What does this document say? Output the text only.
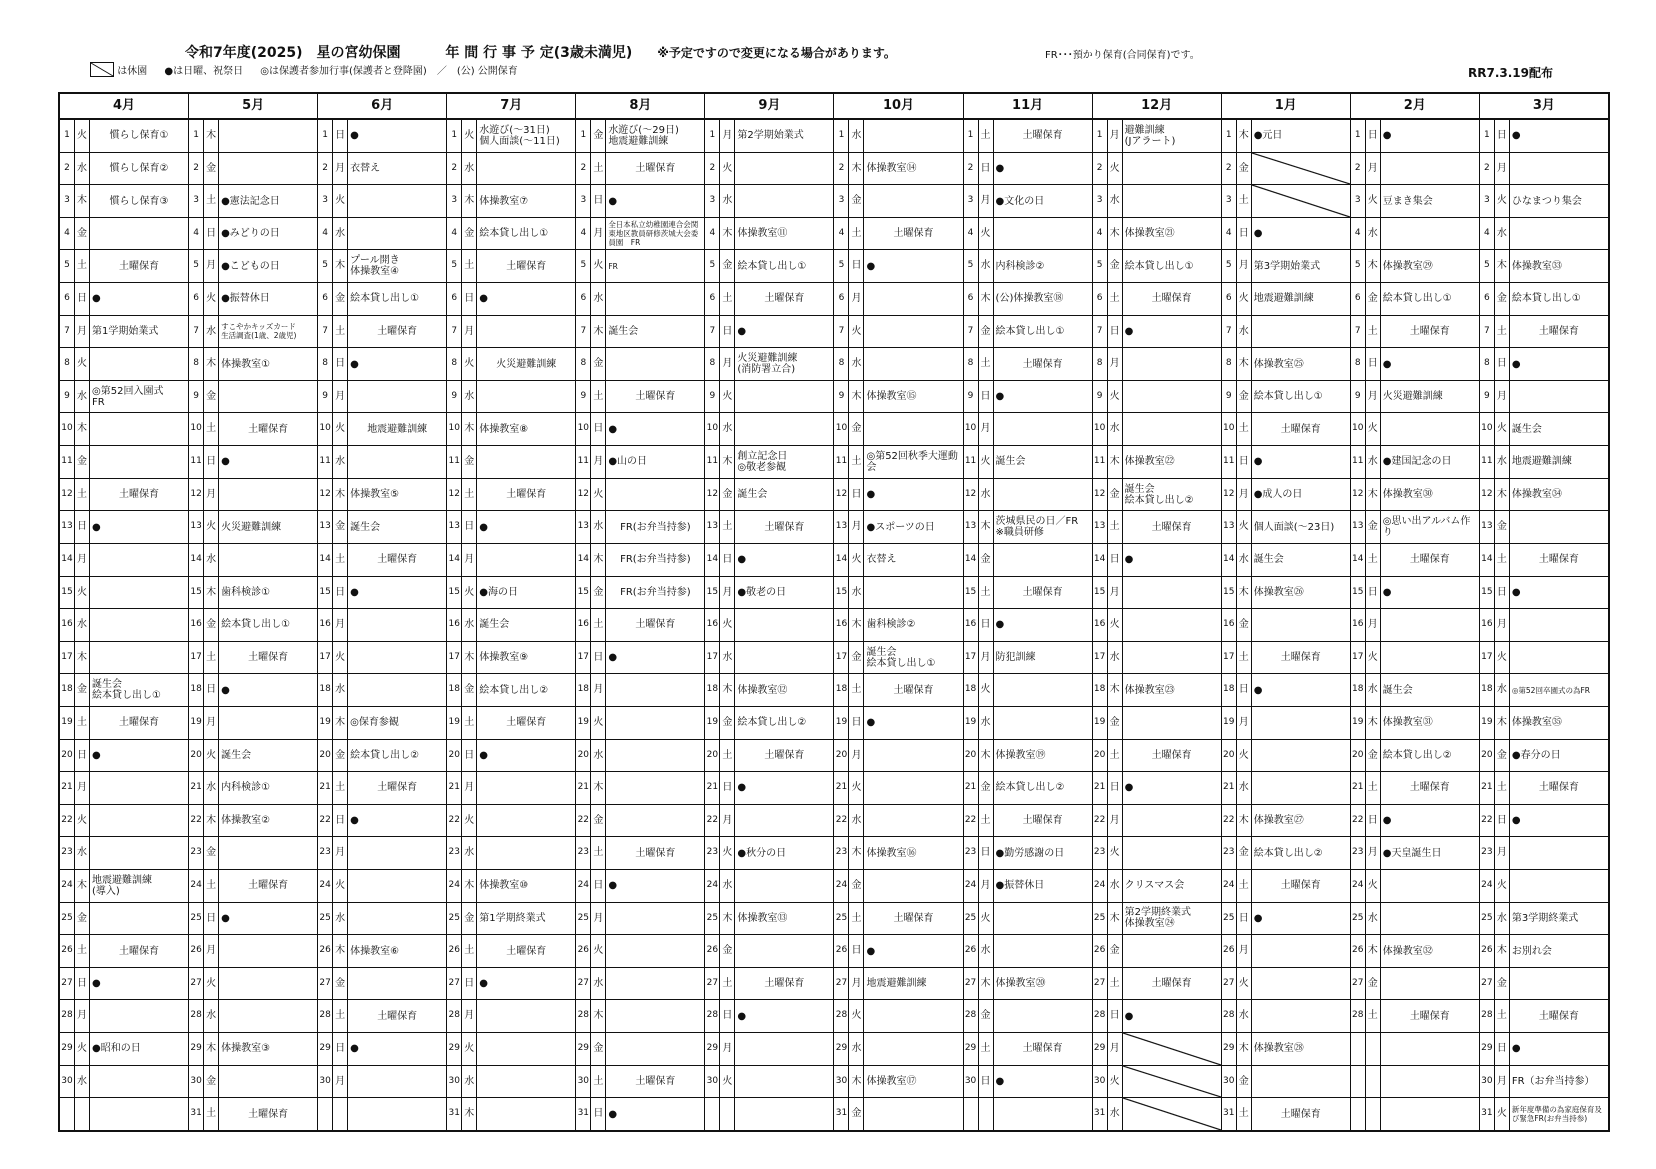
令和7年度(2025)　星の宮幼保園	年 間 行 事 予 定(3歳未満児) ※予定ですので変更になる場合があります。	FR･･･預かり保育(合同保育)です。
は休園 ●は日曜、祝祭日 ◎は保護者参加行事(保護者と登降園)　／　(公) 公開保育	RR7.3.19配布
4月
1 火	慣らし保育①
2 水	慣らし保育②
3 木	慣らし保育③
4 金
5 土	土曜保育
6 日 ●
7 月 第1学期始業式
8 火
9 水 ◎第52回入園式
FR
10 木
11 金
12 土	土曜保育
13 日 ●
14 月
15 火
16 水
17 木
18 金 誕生会
絵本貸し出し①
19 土	土曜保育
20 日 ●
21 月
22 火
23 水
24 木 地震避難訓練
(導入)
25 金
26 土	土曜保育
27 日 ●
28 月
29 火 ●昭和の日
30 水
5月
1 木
2 金
3 土 ●憲法記念日
4 日 ●みどりの日
5 月 ●こどもの日
6 火 ●振替休日
7 水 すこやかキッズカード
生活調査(1歳、2歳児)
8 木 体操教室①
9 金
10 土	土曜保育
11 日 ●
12 月
13 火 火災避難訓練
14 水
15 木 歯科検診①
16 金 絵本貸し出し①
17 土	土曜保育
18 日 ●
19 月
20 火 誕生会
21 水 内科検診①
22 木 体操教室②
23 金
24 土	土曜保育
25 日 ●
26 月
27 火
28 水
29 木 体操教室③
30 金
31 土	土曜保育
6月
1 日 ●
2 月 衣替え
3 火
4 水
5 木 プール開き
体操教室④
6 金 絵本貸し出し①
7 土	土曜保育
8 日 ●
9 月
10 火	地震避難訓練
11 水
12 木 体操教室⑤
13 金 誕生会
14 土	土曜保育
15 日 ●
16 月
17 火
18 水
19 木 ◎保育参観
20 金 絵本貸し出し②
21 土	土曜保育
22 日 ●
23 月
24 火
25 水
26 木 体操教室⑥
27 金
28 土	土曜保育
29 日 ●
30 月
7月
1 火 水遊び(～31日)
個人面談(～11日)
2 水
3 木 体操教室⑦
4 金 絵本貸し出し①
5 土	土曜保育
6 日 ●
7 月
8 火	火災避難訓練
9 水
10 木 体操教室⑧
11 金
12 土	土曜保育
13 日 ●
14 月
15 火 ●海の日
16 水 誕生会
17 木 体操教室⑨
18 金 絵本貸し出し②
19 土	土曜保育
20 日 ●
21 月
22 火
23 水
24 木 体操教室⑩
25 金 第1学期終業式
26 土	土曜保育
27 日 ●
28 月
29 火
30 水
31 木
8月
1 金 水遊び(～29日)
地震避難訓練
2 土	土曜保育
3 日 ●
4 月
全日本私立幼稚園連合会関東地区教員研修茨城大会委員園　FR
5 火 FR
6 水
7 木 誕生会
8 金
9 土	土曜保育
10 日 ●
11 月 ●山の日
12 火
13 水	FR(お弁当持参)
14 木	FR(お弁当持参)
15 金	FR(お弁当持参)
16 土	土曜保育
17 日 ●
18 月
19 火
20 水
21 木
22 金
23 土	土曜保育
24 日 ●
25 月
26 火
27 水
28 木
29 金
30 土	土曜保育
31 日 ●
9月
1 月 第2学期始業式
2 火
3 水
4 木 体操教室⑪
5 金 絵本貸し出し①
6 土	土曜保育
7 日 ●
8 月 火災避難訓練
(消防署立合)
9 火
10 水
11 木 創立記念日
◎敬老参観
12 金 誕生会
13 土	土曜保育
14 日 ●
15 月 ●敬老の日
16 火
17 水
18 木 体操教室⑫
19 金 絵本貸し出し②
20 土	土曜保育
21 日 ●
22 月
23 火 ●秋分の日
24 水
25 木 体操教室⑬
26 金
27 土	土曜保育
28 日 ●
29 月
30 火
10月
1 水
2 木 体操教室⑭
3 金
4 土	土曜保育
5 日 ●
6 月
7 火
8 水
9 木 体操教室⑮
10 金
11 土 ◎第52回秋季大運動会
12 日 ●
13 月 ●スポーツの日
14 火 衣替え
15 水
16 木 歯科検診②
17 金 誕生会
絵本貸し出し①
18 土	土曜保育
19 日 ●
20 月
21 火
22 水
23 木 体操教室⑯
24 金
25 土	土曜保育
26 日 ●
27 月 地震避難訓練
28 火
29 水
30 木 体操教室⑰
31 金
11月
1 土	土曜保育
2 日 ●
3 月 ●文化の日
4 火
5 水 内科検診②
6 木 (公)体操教室⑱
7 金 絵本貸し出し①
8 土	土曜保育
9 日 ●
10 月
11 火 誕生会
12 水
13 木 茨城県民の日／FR
※職員研修
14 金
15 土	土曜保育
16 日 ●
17 月 防犯訓練
18 火
19 水
20 木 体操教室⑲
21 金 絵本貸し出し②
22 土	土曜保育
23 日 ●勤労感謝の日
24 月 ●振替休日
25 火
26 水
27 木 体操教室⑳
28 金
29 土	土曜保育
30 日 ●
12月
1 月 避難訓練
(Jアラート)
2 火
3 水
4 木 体操教室㉑
5 金 絵本貸し出し①
6 土	土曜保育
7 日 ●
8 月
9 火
10 水
11 木 体操教室㉒
12 金 誕生会
絵本貸し出し②
13 土	土曜保育
14 日 ●
15 月
16 火
17 水
18 木 体操教室㉓
19 金
20 土	土曜保育
21 日 ●
22 月
23 火
24 水 クリスマス会
25 木 第2学期終業式
体操教室㉔
26 金
27 土	土曜保育
28 日 ●
29 月
30 火
31 水
1月
1 木 ●元日
2 金
3 土
4 日 ●
5 月 第3学期始業式
6 火 地震避難訓練
7 水
8 木 体操教室㉕
9 金 絵本貸し出し①
10 土	土曜保育
11 日 ●
12 月 ●成人の日
13 火 個人面談(～23日)
14 水 誕生会
15 木 体操教室㉖
16 金
17 土	土曜保育
18 日 ●
19 月
20 火
21 水
22 木 体操教室㉗
23 金 絵本貸し出し②
24 土	土曜保育
25 日 ●
26 月
27 火
28 水
29 木 体操教室㉘
30 金
31 土	土曜保育
2月
1 日 ●
2 月
3 火 豆まき集会
4 水
5 木 体操教室㉙
6 金 絵本貸し出し①
7 土	土曜保育
8 日 ●
9 月 火災避難訓練
10 火
11 水 ●建国記念の日
12 木 体操教室㉚
13 金 ◎思い出アルバム作り
14 土	土曜保育
15 日 ●
16 月
17 火
18 水 誕生会
19 木 体操教室㉛
20 金 絵本貸し出し②
21 土	土曜保育
22 日 ●
23 月 ●天皇誕生日
24 火
25 水
26 木 体操教室㉜
27 金
28 土	土曜保育
3月
1 日 ●
2 月
3 火 ひなまつり集会
4 水
5 木 体操教室㉝
6 金 絵本貸し出し①
7 土	土曜保育
8 日 ●
9 月
10 火 誕生会
11 水 地震避難訓練
12 木 体操教室㉞
13 金
14 土	土曜保育
15 日 ●
16 月
17 火
18 水 ◎第52回卒園式の為FR
19 木 体操教室㉟
20 金 ●春分の日
21 土	土曜保育
22 日 ●
23 月
24 火
25 水 第3学期終業式
26 木 お別れ会
27 金
28 土	土曜保育
29 日 ●
30 月 FR（お弁当持参）
31 火 新年度準備の為家庭保育及び緊急FR(お弁当持参)
